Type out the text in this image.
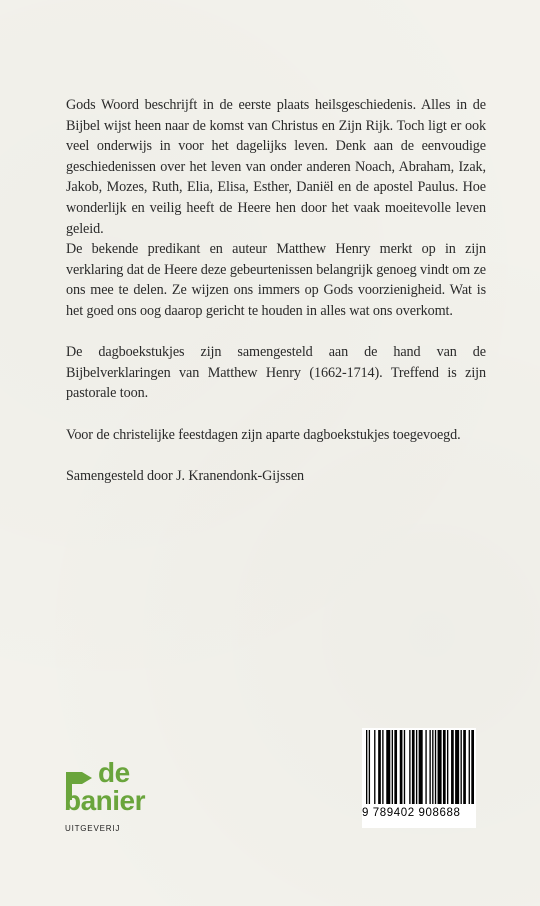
Gods Woord beschrijft in de eerste plaats heilsgeschiedenis. Alles in de Bijbel wijst heen naar de komst van Christus en Zijn Rijk. Toch ligt er ook veel onderwijs in voor het dagelijks leven. Denk aan de eenvoudige geschiedenissen over het leven van onder anderen Noach, Abraham, Izak, Jakob, Mozes, Ruth, Elia, Elisa, Esther, Daniël en de apostel Paulus. Hoe wonderlijk en veilig heeft de Heere hen door het vaak moeitevolle leven geleid.

De bekende predikant en auteur Matthew Henry merkt op in zijn verklaring dat de Heere deze gebeurtenissen belangrijk genoeg vindt om ze ons mee te delen. Ze wijzen ons immers op Gods voorzienigheid. Wat is het goed ons oog daarop gericht te houden in alles wat ons overkomt.

De dagboekstukjes zijn samengesteld aan de hand van de Bijbelverklaringen van Matthew Henry (1662-1714). Treffend is zijn pastorale toon.

Voor de christelijke feestdagen zijn aparte dagboekstukjes toegevoegd.

Samengesteld door J. Kranendonk-Gijssen

de
banier
UITGEVERIJ
9 789402 908688
